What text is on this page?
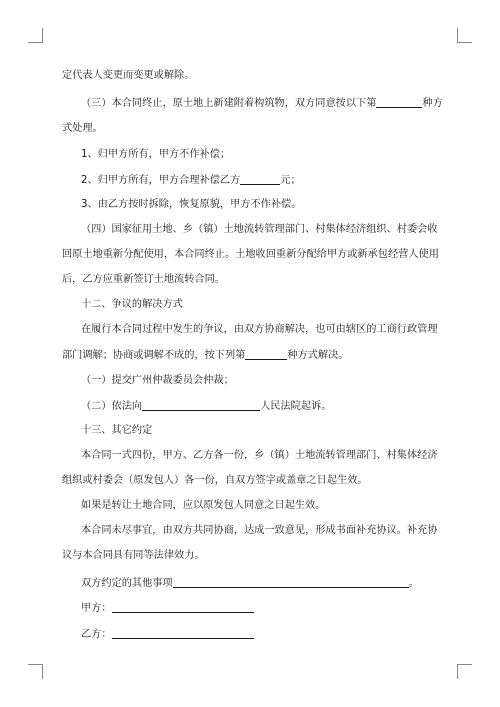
定代表人变更而变更或解除。
（三）本合同终止，原土地上新建附着构筑物，双方同意按以下第	种方
式处理。
1、归甲方所有，甲方不作补偿；
2、归甲方所有，甲方合理补偿乙方	元；
3、由乙方按时拆除，恢复原貌，甲方不作补偿。
（四）国家征用土地、乡（镇）土地流转管理部门、村集体经济组织、村委会收
回原土地重新分配使用，本合同终止。土地收回重新分配给甲方或新承包经营人使用
后，乙方应重新签订土地流转合同。
十二、争议的解决方式
在履行本合同过程中发生的争议，由双方协商解决，也可由辖区的工商行政管理
部门调解；协商或调解不成的，按下列第	种方式解决。
（一）提交广州仲裁委员会仲裁；
（二）依法向	人民法院起诉。
十三、其它约定
本合同一式四份，甲方、乙方各一份，乡（镇）土地流转管理部门、村集体经济
组织或村委会（原发包人）各一份，自双方签字或盖章之日起生效。
如果是转让土地合同，应以原发包人同意之日起生效。
本合同未尽事宜，由双方共同协商，达成一致意见，形成书面补充协议。补充协
议与本合同具有同等法律效力。
双方约定的其他事项	。
甲方：
乙方：
